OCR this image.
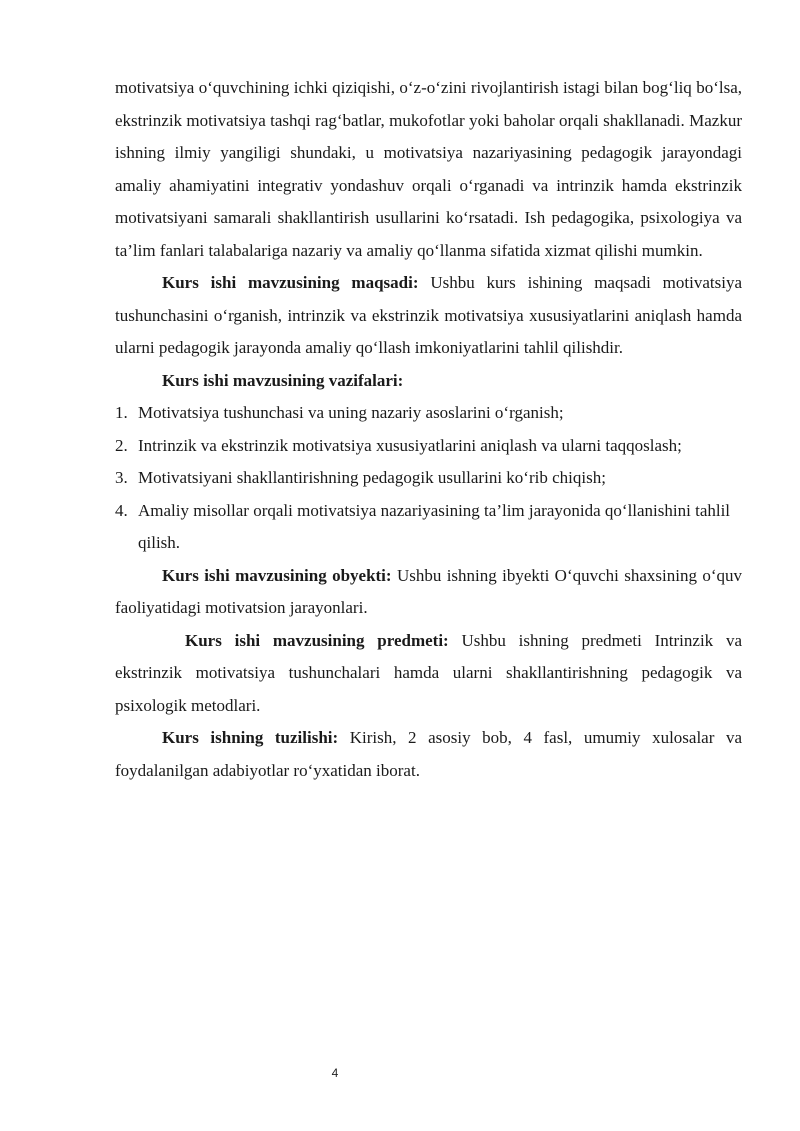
motivatsiya o‘quvchining ichki qiziqishi, o‘z-o‘zini rivojlantirish istagi bilan bog‘liq bo‘lsa, ekstrinzik motivatsiya tashqi rag‘batlar, mukofotlar yoki baholar orqali shakllanadi. Mazkur ishning ilmiy yangiligi shundaki, u motivatsiya nazariyasining pedagogik jarayondagi amaliy ahamiyatini integrativ yondashuv orqali o‘rganadi va intrinzik hamda ekstrinzik motivatsiyani samarali shakllantirish usullarini ko‘rsatadi. Ish pedagogika, psixologiya va ta’lim fanlari talabalariga nazariy va amaliy qo‘llanma sifatida xizmat qilishi mumkin.

Kurs ishi mavzusining maqsadi: Ushbu kurs ishining maqsadi motivatsiya tushunchasini o‘rganish, intrinzik va ekstrinzik motivatsiya xususiyatlarini aniqlash hamda ularni pedagogik jarayonda amaliy qo‘llash imkoniyatlarini tahlil qilishdir.

Kurs ishi mavzusining vazifalari:

1. Motivatsiya tushunchasi va uning nazariy asoslarini o‘rganish;
2. Intrinzik va ekstrinzik motivatsiya xususiyatlarini aniqlash va ularni taqqoslash;
3. Motivatsiyani shakllantirishning pedagogik usullarini ko‘rib chiqish;
4. Amaliy misollar orqali motivatsiya nazariyasining ta’lim jarayonida qo‘llanishini tahlil qilish.

Kurs ishi mavzusining obyekti: Ushbu ishning ibyekti O‘quvchi shaxsining o‘quv faoliyatidagi motivatsion jarayonlari.

Kurs ishi mavzusining predmeti: Ushbu ishning predmeti Intrinzik va ekstrinzik motivatsiya tushunchalari hamda ularni shakllantirishning pedagogik va psixologik metodlari.

Kurs ishning tuzilishi: Kirish, 2 asosiy bob, 4 fasl, umumiy xulosalar va foydalanilgan adabiyotlar ro‘yxatidan iborat.

4
